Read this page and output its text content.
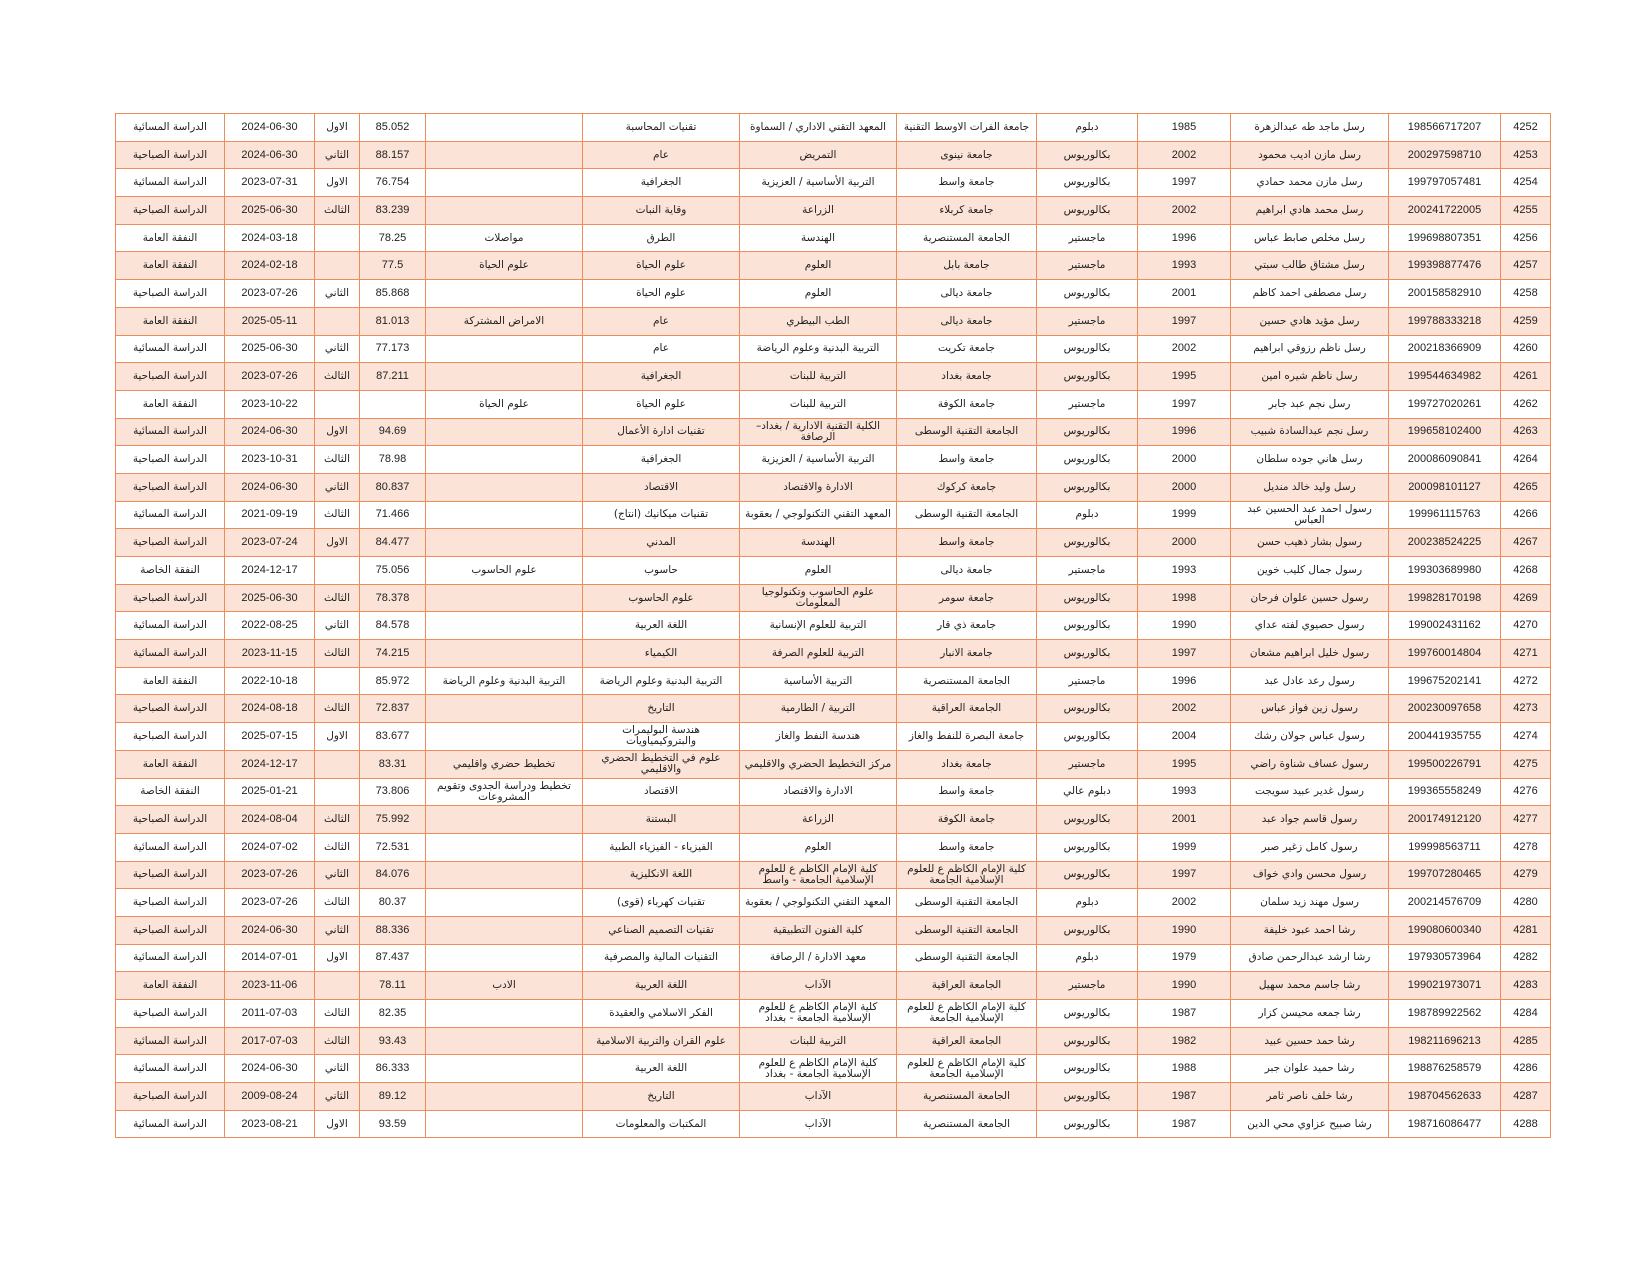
4252	198566717207	رسل ماجد طه عبدالزهرة	1985	دبلوم	جامعة الفرات الاوسط التقنية	المعهد التقني الاداري / السماوة	تقنيات المحاسبة		85.052	الاول	2024-06-30	الدراسة المسائية
4253	200297598710	رسل مازن اديب محمود	2002	بكالوريوس	جامعة نينوى	التمريض	عام		88.157	الثاني	2024-06-30	الدراسة الصباحية
4254	199797057481	رسل مازن محمد حمادي	1997	بكالوريوس	جامعة واسط	التربية الأساسية / العزيزية	الجغرافية		76.754	الاول	2023-07-31	الدراسة المسائية
4255	200241722005	رسل محمد هادي ابراهيم	2002	بكالوريوس	جامعة كربلاء	الزراعة	وقاية النبات		83.239	الثالث	2025-06-30	الدراسة الصباحية
4256	199698807351	رسل مخلص صابط عباس	1996	ماجستير	الجامعة المستنصرية	الهندسة	الطرق	مواصلات	78.25		2024-03-18	النفقة العامة
4257	199398877476	رسل مشتاق طالب سبتي	1993	ماجستير	جامعة بابل	العلوم	علوم الحياة	علوم الحياة	77.5		2024-02-18	النفقة العامة
4258	200158582910	رسل مصطفى احمد كاظم	2001	بكالوريوس	جامعة ديالى	العلوم	علوم الحياة		85.868	الثاني	2023-07-26	الدراسة الصباحية
4259	199788333218	رسل مؤيد هادي حسين	1997	ماجستير	جامعة ديالى	الطب البيطري	عام	الامراض المشتركة	81.013		2025-05-11	النفقة العامة
4260	200218366909	رسل ناظم رزوقي ابراهيم	2002	بكالوريوس	جامعة تكريت	التربية البدنية وعلوم الرياضة	عام		77.173	الثاني	2025-06-30	الدراسة المسائية
4261	199544634982	رسل ناظم شيره امين	1995	بكالوريوس	جامعة بغداد	التربية للبنات	الجغرافية		87.211	الثالث	2023-07-26	الدراسة الصباحية
4262	199727020261	رسل نجم عبد جابر	1997	ماجستير	جامعة الكوفة	التربية للبنات	علوم الحياة	علوم الحياة			2023-10-22	النفقة العامة
4263	199658102400	رسل نجم عبدالسادة شبيب	1996	بكالوريوس	الجامعة التقنية الوسطى	الكلية التقنية الادارية / بغداد– الرصافة	تقنيات ادارة الأعمال		94.69	الاول	2024-06-30	الدراسة المسائية
4264	200086090841	رسل هاني جوده سلطان	2000	بكالوريوس	جامعة واسط	التربية الأساسية / العزيزية	الجغرافية		78.98	الثالث	2023-10-31	الدراسة الصباحية
4265	200098101127	رسل وليد خالد منديل	2000	بكالوريوس	جامعة كركوك	الادارة والاقتصاد	الاقتصاد		80.837	الثاني	2024-06-30	الدراسة الصباحية
4266	199961115763	رسول احمد عبد الحسين عبد العباس	1999	دبلوم	الجامعة التقنية الوسطى	المعهد التقني التكنولوجي / بعقوبة	تقنيات ميكانيك (انتاج)		71.466	الثالث	2021-09-19	الدراسة المسائية
4267	200238524225	رسول بشار ذهيب حسن	2000	بكالوريوس	جامعة واسط	الهندسة	المدني		84.477	الاول	2023-07-24	الدراسة الصباحية
4268	199303689980	رسول جمال كليب خوين	1993	ماجستير	جامعة ديالى	العلوم	حاسوب	علوم الحاسوب	75.056		2024-12-17	النفقة الخاصة
4269	199828170198	رسول حسين علوان فرحان	1998	بكالوريوس	جامعة سومر	علوم الحاسوب وتكنولوجيا المعلومات	علوم الحاسوب		78.378	الثالث	2025-06-30	الدراسة الصباحية
4270	199002431162	رسول حصيوي لفته عداي	1990	بكالوريوس	جامعة ذي قار	التربية للعلوم الإنسانية	اللغة العربية		84.578	الثاني	2022-08-25	الدراسة المسائية
4271	199760014804	رسول خليل ابراهيم مشعان	1997	بكالوريوس	جامعة الانبار	التربية للعلوم الصرفة	الكيمياء		74.215	الثالث	2023-11-15	الدراسة المسائية
4272	199675202141	رسول رعد عادل عبد	1996	ماجستير	الجامعة المستنصرية	التربية الأساسية	التربية البدنية وعلوم الرياضة	التربية البدنية وعلوم الرياضة	85.972		2022-10-18	النفقة العامة
4273	200230097658	رسول زين فواز عباس	2002	بكالوريوس	الجامعة العراقية	التربية / الطارمية	التاريخ		72.837	الثالث	2024-08-18	الدراسة الصباحية
4274	200441935755	رسول عباس جولان رشك	2004	بكالوريوس	جامعة البصرة للنفط والغاز	هندسة النفط والغاز	هندسة البوليمرات والبتروكيمياويات		83.677	الاول	2025-07-15	الدراسة الصباحية
4275	199500226791	رسول عساف شناوة راضي	1995	ماجستير	جامعة بغداد	مركز التخطيط الحضري والاقليمي	علوم في التخطيط الحضري والاقليمي	تخطيط حضري واقليمي	83.31		2024-12-17	النفقة العامة
4276	199365558249	رسول غدير عبيد سويجت	1993	دبلوم عالي	جامعة واسط	الادارة والاقتصاد	الاقتصاد	تخطيط ودراسة الجدوى وتقويم المشروعات	73.806		2025-01-21	النفقة الخاصة
4277	200174912120	رسول قاسم جواد عبد	2001	بكالوريوس	جامعة الكوفة	الزراعة	البستنة		75.992	الثالث	2024-08-04	الدراسة الصباحية
4278	199998563711	رسول كامل زغير صبر	1999	بكالوريوس	جامعة واسط	العلوم	الفيزياء - الفيزياء الطبية		72.531	الثالث	2024-07-02	الدراسة المسائية
4279	199707280465	رسول محسن وادي خواف	1997	بكالوريوس	كلية الإمام الكاظم ع للعلوم الإسلامية الجامعة	كلية الإمام الكاظم ع للعلوم الإسلامية الجامعة - واسط	اللغة الانكليزية		84.076	الثاني	2023-07-26	الدراسة الصباحية
4280	200214576709	رسول مهند زيد سلمان	2002	دبلوم	الجامعة التقنية الوسطى	المعهد التقني التكنولوجي / بعقوبة	تقنيات كهرباء (قوى)		80.37	الثالث	2023-07-26	الدراسة الصباحية
4281	199080600340	رشا احمد عبود خليفة	1990	بكالوريوس	الجامعة التقنية الوسطى	كلية الفنون التطبيقية	تقنيات التصميم الصناعي		88.336	الثاني	2024-06-30	الدراسة الصباحية
4282	197930573964	رشا ارشد عبدالرحمن صادق	1979	دبلوم	الجامعة التقنية الوسطى	معهد الادارة / الرصافة	التقنيات المالية والمصرفية		87.437	الاول	2014-07-01	الدراسة المسائية
4283	199021973071	رشا جاسم محمد سهيل	1990	ماجستير	الجامعة العراقية	الآداب	اللغة العربية	الادب	78.11		2023-11-06	النفقة العامة
4284	198789922562	رشا جمعه محيسن كزار	1987	بكالوريوس	كلية الإمام الكاظم ع للعلوم الإسلامية الجامعة	كلية الإمام الكاظم ع للعلوم الإسلامية الجامعة - بغداد	الفكر الاسلامي والعقيدة		82.35	الثالث	2011-07-03	الدراسة الصباحية
4285	198211696213	رشا حمد حسين عبيد	1982	بكالوريوس	الجامعة العراقية	التربية للبنات	علوم القران والتربية الاسلامية		93.43	الثالث	2017-07-03	الدراسة المسائية
4286	198876258579	رشا حميد علوان جبر	1988	بكالوريوس	كلية الإمام الكاظم ع للعلوم الإسلامية الجامعة	كلية الإمام الكاظم ع للعلوم الإسلامية الجامعة - بغداد	اللغة العربية		86.333	الثاني	2024-06-30	الدراسة المسائية
4287	198704562633	رشا خلف ناصر ثامر	1987	بكالوريوس	الجامعة المستنصرية	الآداب	التاريخ		89.12	الثاني	2009-08-24	الدراسة الصباحية
4288	198716086477	رشا صبيح عزاوي محي الدين	1987	بكالوريوس	الجامعة المستنصرية	الآداب	المكتبات والمعلومات		93.59	الاول	2023-08-21	الدراسة المسائية
